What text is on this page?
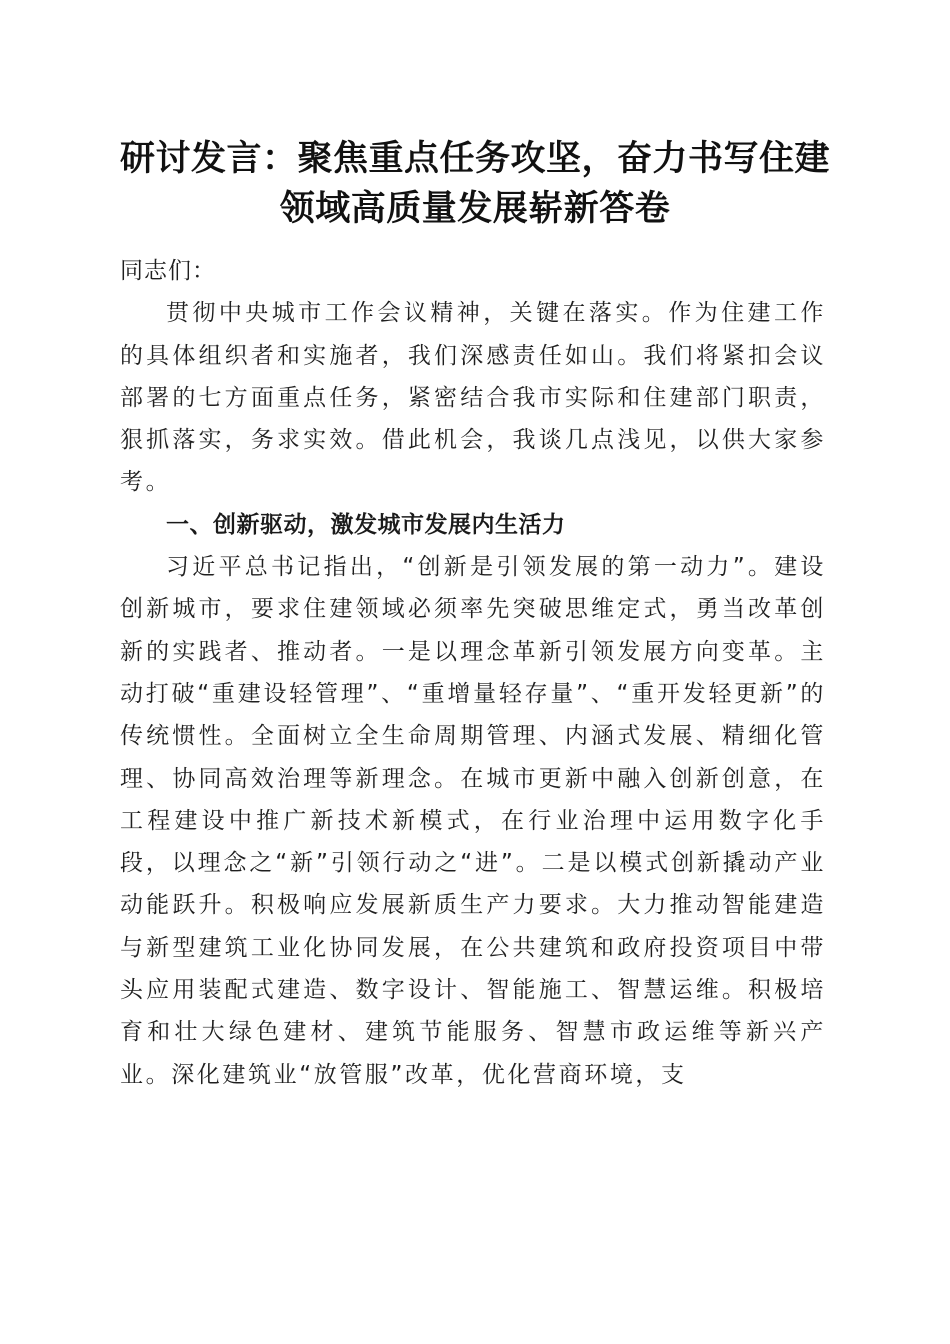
研讨发言：聚焦重点任务攻坚，奋力书写住建
领域高质量发展崭新答卷

同志们：

贯彻中央城市工作会议精神，关键在落实。作为住建工作的具体组织者和实施者，我们深感责任如山。我们将紧扣会议部署的七方面重点任务，紧密结合我市实际和住建部门职责，狠抓落实，务求实效。借此机会，我谈几点浅见，以供大家参考。

一、创新驱动，激发城市发展内生活力

习近平总书记指出，“创新是引领发展的第一动力”。建设创新城市，要求住建领域必须率先突破思维定式，勇当改革创新的实践者、推动者。一是以理念革新引领发展方向变革。主动打破“重建设轻管理”、“重增量轻存量”、“重开发轻更新”的传统惯性。全面树立全生命周期管理、内涵式发展、精细化管理、协同高效治理等新理念。在城市更新中融入创新创意，在工程建设中推广新技术新模式，在行业治理中运用数字化手段，以理念之“新”引领行动之“进”。二是以模式创新撬动产业动能跃升。积极响应发展新质生产力要求。大力推动智能建造与新型建筑工业化协同发展，在公共建筑和政府投资项目中带头应用装配式建造、数字设计、智能施工、智慧运维。积极培育和壮大绿色建材、建筑节能服务、智慧市政运维等新兴产业。深化建筑业“放管服”改革，优化营商环境，支
